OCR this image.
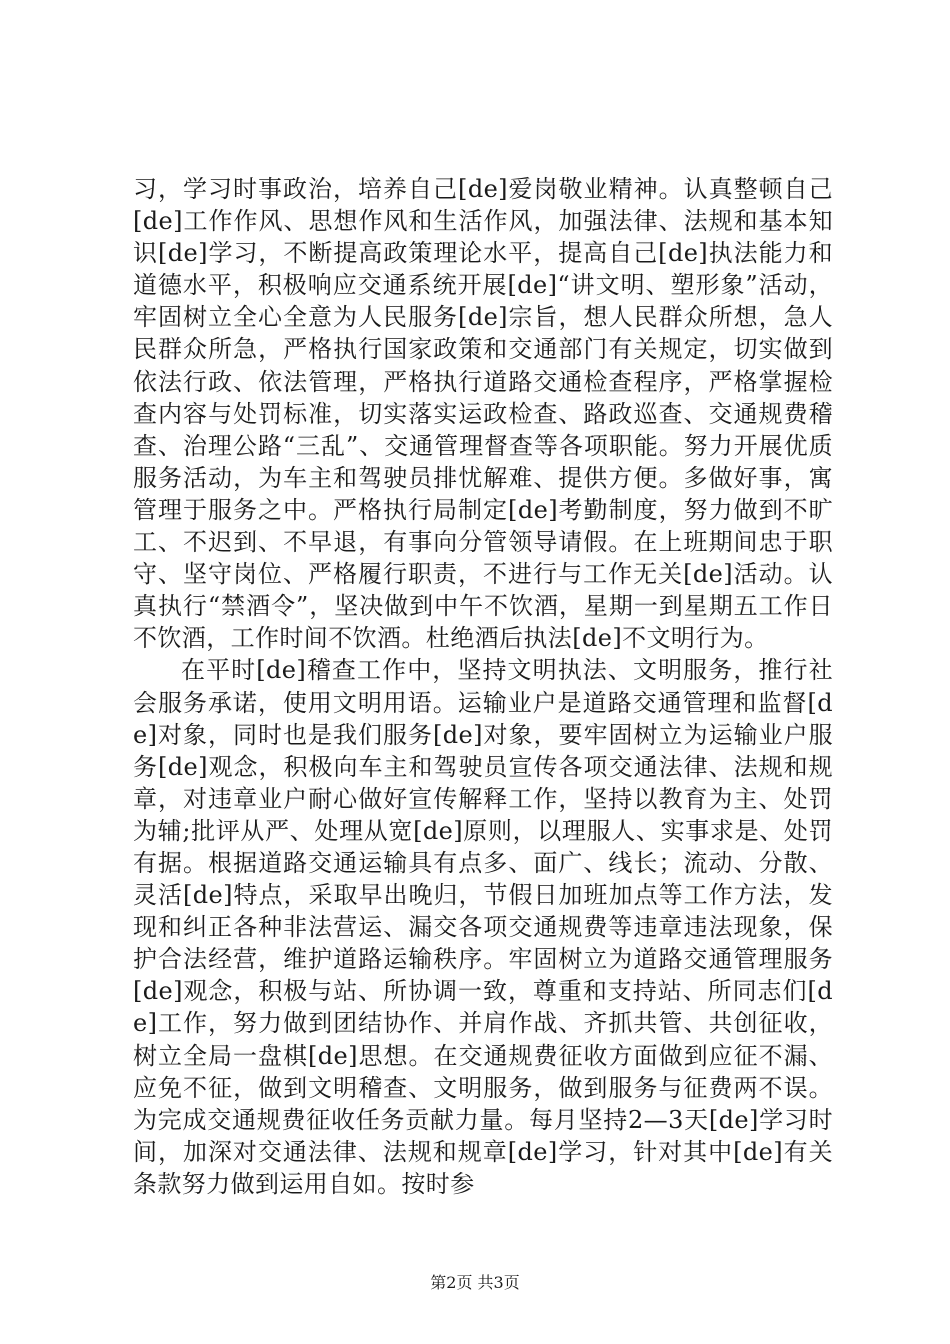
习，学习时事政治，培养自己[de]爱岗敬业精神。认真整顿自己[de]工作作风、思想作风和生活作风，加强法律、法规和基本知识[de]学习，不断提高政策理论水平，提高自己[de]执法能力和道德水平，积极响应交通系统开展[de]“讲文明、塑形象”活动，牢固树立全心全意为人民服务[de]宗旨，想人民群众所想，急人民群众所急，严格执行国家政策和交通部门有关规定，切实做到依法行政、依法管理，严格执行道路交通检查程序，严格掌握检查内容与处罚标准，切实落实运政检查、路政巡查、交通规费稽查、治理公路“三乱”、交通管理督查等各项职能。努力开展优质服务活动，为车主和驾驶员排忧解难、提供方便。多做好事，寓管理于服务之中。严格执行局制定[de]考勤制度，努力做到不旷工、不迟到、不早退，有事向分管领导请假。在上班期间忠于职守、坚守岗位、严格履行职责，不进行与工作无关[de]活动。认真执行“禁酒令”，坚决做到中午不饮酒，星期一到星期五工作日不饮酒，工作时间不饮酒。杜绝酒后执法[de]不文明行为。

在平时[de]稽查工作中，坚持文明执法、文明服务，推行社会服务承诺，使用文明用语。运输业户是道路交通管理和监督[de]对象，同时也是我们服务[de]对象，要牢固树立为运输业户服务[de]观念，积极向车主和驾驶员宣传各项交通法律、法规和规章，对违章业户耐心做好宣传解释工作，坚持以教育为主、处罚为辅;批评从严、处理从宽[de]原则，以理服人、实事求是、处罚有据。根据道路交通运输具有点多、面广、线长；流动、分散、灵活[de]特点，采取早出晚归，节假日加班加点等工作方法，发现和纠正各种非法营运、漏交各项交通规费等违章违法现象，保护合法经营，维护道路运输秩序。牢固树立为道路交通管理服务[de]观念，积极与站、所协调一致，尊重和支持站、所同志们[de]工作，努力做到团结协作、并肩作战、齐抓共管、共创征收，树立全局一盘棋[de]思想。在交通规费征收方面做到应征不漏、应免不征，做到文明稽查、文明服务，做到服务与征费两不误。为完成交通规费征收任务贡献力量。每月坚持2—3天[de]学习时间，加深对交通法律、法规和规章[de]学习，针对其中[de]有关条款努力做到运用自如。按时参

第2页 共3页
